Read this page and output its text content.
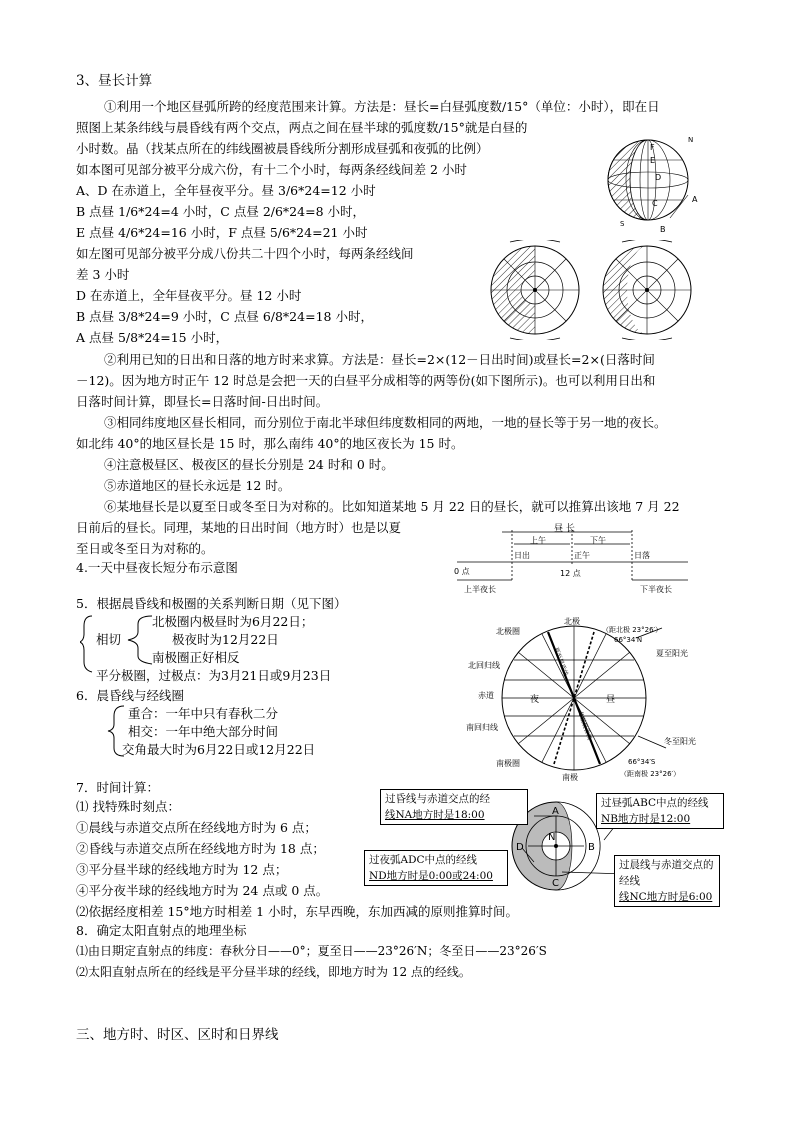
3、昼长计算
①利用一个地区昼弧所跨的经度范围来计算。方法是：昼长=白昼弧度数/15°（单位：小时），即在日
照图上某条纬线与晨昏线有两个交点，两点之间在昼半球的弧度数/15°就是白昼的
小时数。晶（找某点所在的纬线圈被晨昏线所分割形成昼弧和夜弧的比例）
如本图可见部分被平分成六份，有十二个小时，每两条经线间差 2 小时
A、D 在赤道上，全年昼夜平分。昼 3/6*24=12 小时
B 点昼 1/6*24=4 小时，C 点昼 2/6*24=8 小时，
E 点昼 4/6*24=16 小时，F 点昼 5/6*24=21 小时
如左图可见部分被平分成八份共二十四个小时，每两条经线间
差 3 小时
D 在赤道上，全年昼夜平分。昼 12 小时
B 点昼 3/8*24=9 小时，C 点昼 6/8*24=18 小时，
A 点昼 5/8*24=15 小时，
②利用已知的日出和日落的地方时来求算。方法是：昼长=2×(12－日出时间)或昼长=2×(日落时间
－12)。因为地方时正午 12 时总是会把一天的白昼平分成相等的两等份(如下图所示)。也可以利用日出和
日落时间计算，即昼长=日落时间-日出时间。
③相同纬度地区昼长相同，而分别位于南北半球但纬度数相同的两地，一地的昼长等于另一地的夜长。
如北纬 40°的地区昼长是 15 时，那么南纬 40°的地区夜长为 15 时。
④注意极昼区、极夜区的昼长分别是 24 时和 0 时。
⑤赤道地区的昼长永远是 12 时。
⑥某地昼长是以夏至日或冬至日为对称的。比如知道某地 5 月 22 日的昼长，就可以推算出该地 7 月 22
日前后的昼长。同理，某地的日出时间（地方时）也是以夏
至日或冬至日为对称的。
F
E
D
C	A
B
S
N
4.一天中昼夜长短分布示意图
昼 长
上午	下午
0 点
日出	正午
12 点
日落
上半夜长	下半夜长
5．根据晨昏线和极圈的关系判断日期（见下图）
相切
北极圈内极昼时为6月22日；
极夜时为12月22日
南极圈正好相反
平分极圈，过极点：为3月21日或9月23日
6．晨昏线与经线圈
重合：一年中只有春秋二分
相交：一年中绝大部分时间
交角最大时为6月22日或12月22日
北极
北极圈
北回归线
赤道
南回归线
南极圈
南极
夜	昼
夏至阳光
冬至阳光
（距北极 23°26′）
66°34′N
66°34′S
（距南极 23°26′）
夏至晨昏线
冬至晨昏线
7．时间计算：
⑴ 找特殊时刻点：
①晨线与赤道交点所在经线地方时为 6 点；
②昏线与赤道交点所在经线地方时为 18 点；
③平分昼半球的经线地方时为 12 点；
④平分夜半球的经线地方时为 24 点或 0 点。
⑵依据经度相差 15°地方时相差 1 小时，东早西晚，东加西减的原则推算时间。
N
A
B
C
D
过昏线与赤道交点的经
线NA地方时是18:00
过昼弧ABC中点的经线
NB地方时是12:00
过夜弧ADC中点的经线
ND地方时是0:00或24:00
过晨线与赤道交点的经线
线NC地方时是6:00
8．确定太阳直射点的地理坐标
⑴由日期定直射点的纬度：春秋分日——0°；夏至日——23°26′N；冬至日——23°26′S
⑵太阳直射点所在的经线是平分昼半球的经线，即地方时为 12 点的经线。
三、地方时、时区、区时和日界线
